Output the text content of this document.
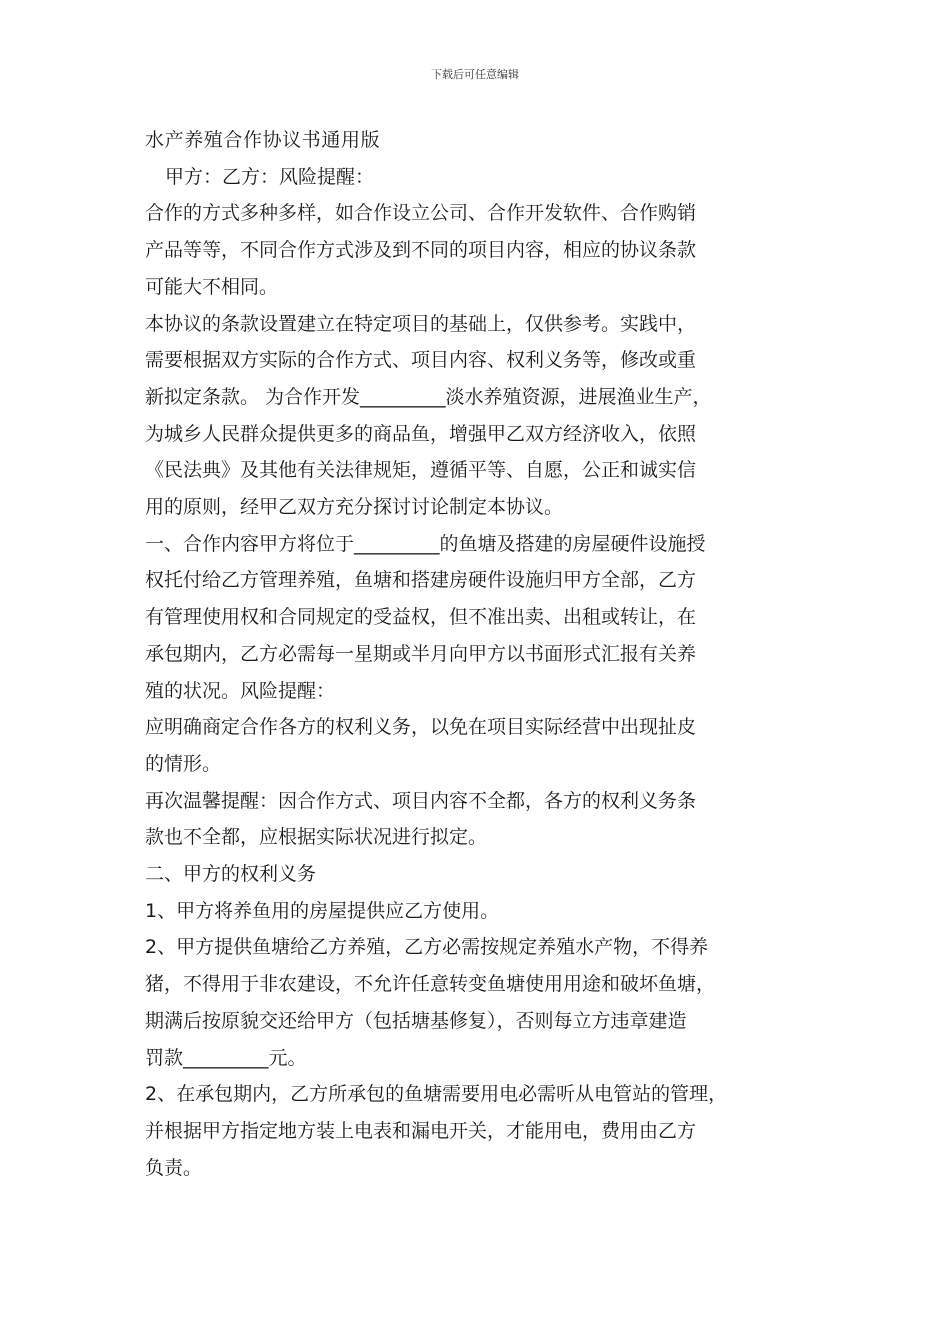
下载后可任意编辑

水产养殖合作协议书通用版

甲方：乙方：风险提醒：

合作的方式多种多样，如合作设立公司、合作开发软件、合作购销

产品等等，不同合作方式涉及到不同的项目内容，相应的协议条款

可能大不相同。

本协议的条款设置建立在特定项目的基础上，仅供参考。实践中，

需要根据双方实际的合作方式、项目内容、权利义务等，修改或重

新拟定条款。 为合作开发_________淡水养殖资源，进展渔业生产，

为城乡人民群众提供更多的商品鱼，增强甲乙双方经济收入，依照

《民法典》及其他有关法律规矩，遵循平等、自愿，公正和诚实信

用的原则，经甲乙双方充分探讨讨论制定本协议。

一、合作内容甲方将位于_________的鱼塘及搭建的房屋硬件设施授

权托付给乙方管理养殖，鱼塘和搭建房硬件设施归甲方全部，乙方

有管理使用权和合同规定的受益权，但不准出卖、出租或转让，在

承包期内，乙方必需每一星期或半月向甲方以书面形式汇报有关养

殖的状况。风险提醒：

应明确商定合作各方的权利义务，以免在项目实际经营中出现扯皮

的情形。

再次温馨提醒：因合作方式、项目内容不全都，各方的权利义务条

款也不全都，应根据实际状况进行拟定。

二、甲方的权利义务

1、甲方将养鱼用的房屋提供应乙方使用。

2、甲方提供鱼塘给乙方养殖，乙方必需按规定养殖水产物，不得养

猪，不得用于非农建设，不允许任意转变鱼塘使用用途和破坏鱼塘，

期满后按原貌交还给甲方（包括塘基修复），否则每立方违章建造

罚款_________元。

2、在承包期内，乙方所承包的鱼塘需要用电必需听从电管站的管理，

并根据甲方指定地方装上电表和漏电开关，才能用电，费用由乙方

负责。
